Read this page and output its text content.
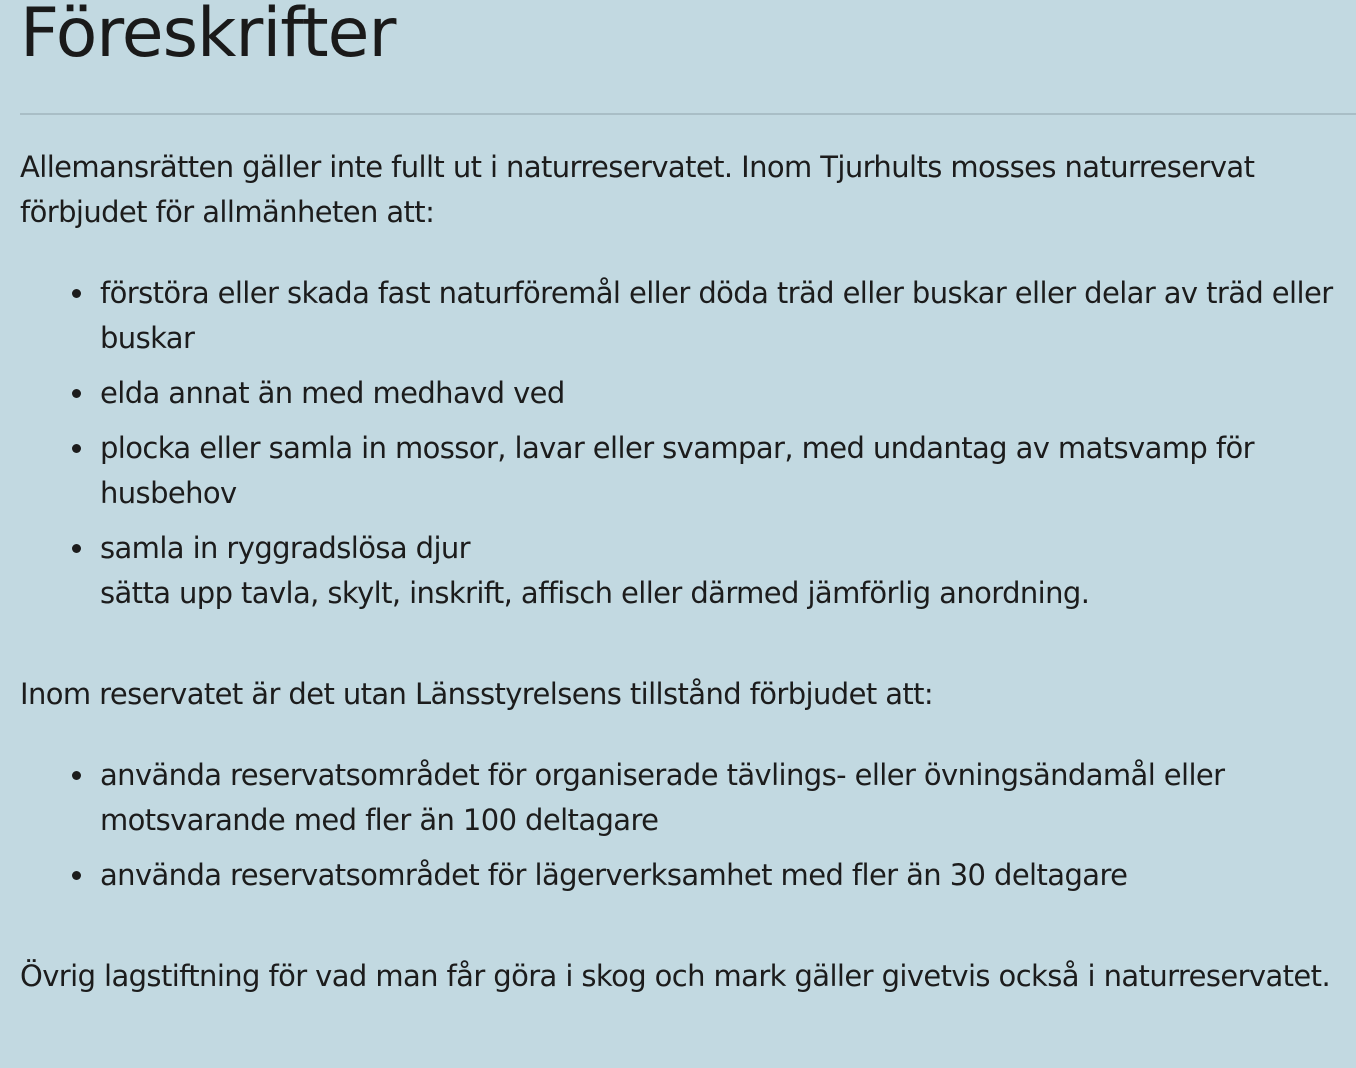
Föreskrifter

Allemansrätten gäller inte fullt ut i naturreservatet. Inom Tjurhults mosses naturreservat förbjudet för allmänheten att:

förstöra eller skada fast naturföremål eller döda träd eller buskar eller delar av träd eller buskar
elda annat än med medhavd ved
plocka eller samla in mossor, lavar eller svampar, med undantag av matsvamp för husbehov
samla in ryggradslösa djur
sätta upp tavla, skylt, inskrift, affisch eller därmed jämförlig anordning.

Inom reservatet är det utan Länsstyrelsens tillstånd förbjudet att:

använda reservatsområdet för organiserade tävlings- eller övningsändamål eller motsvarande med fler än 100 deltagare
använda reservatsområdet för lägerverksamhet med fler än 30 deltagare

Övrig lagstiftning för vad man får göra i skog och mark gäller givetvis också i naturreservatet.
